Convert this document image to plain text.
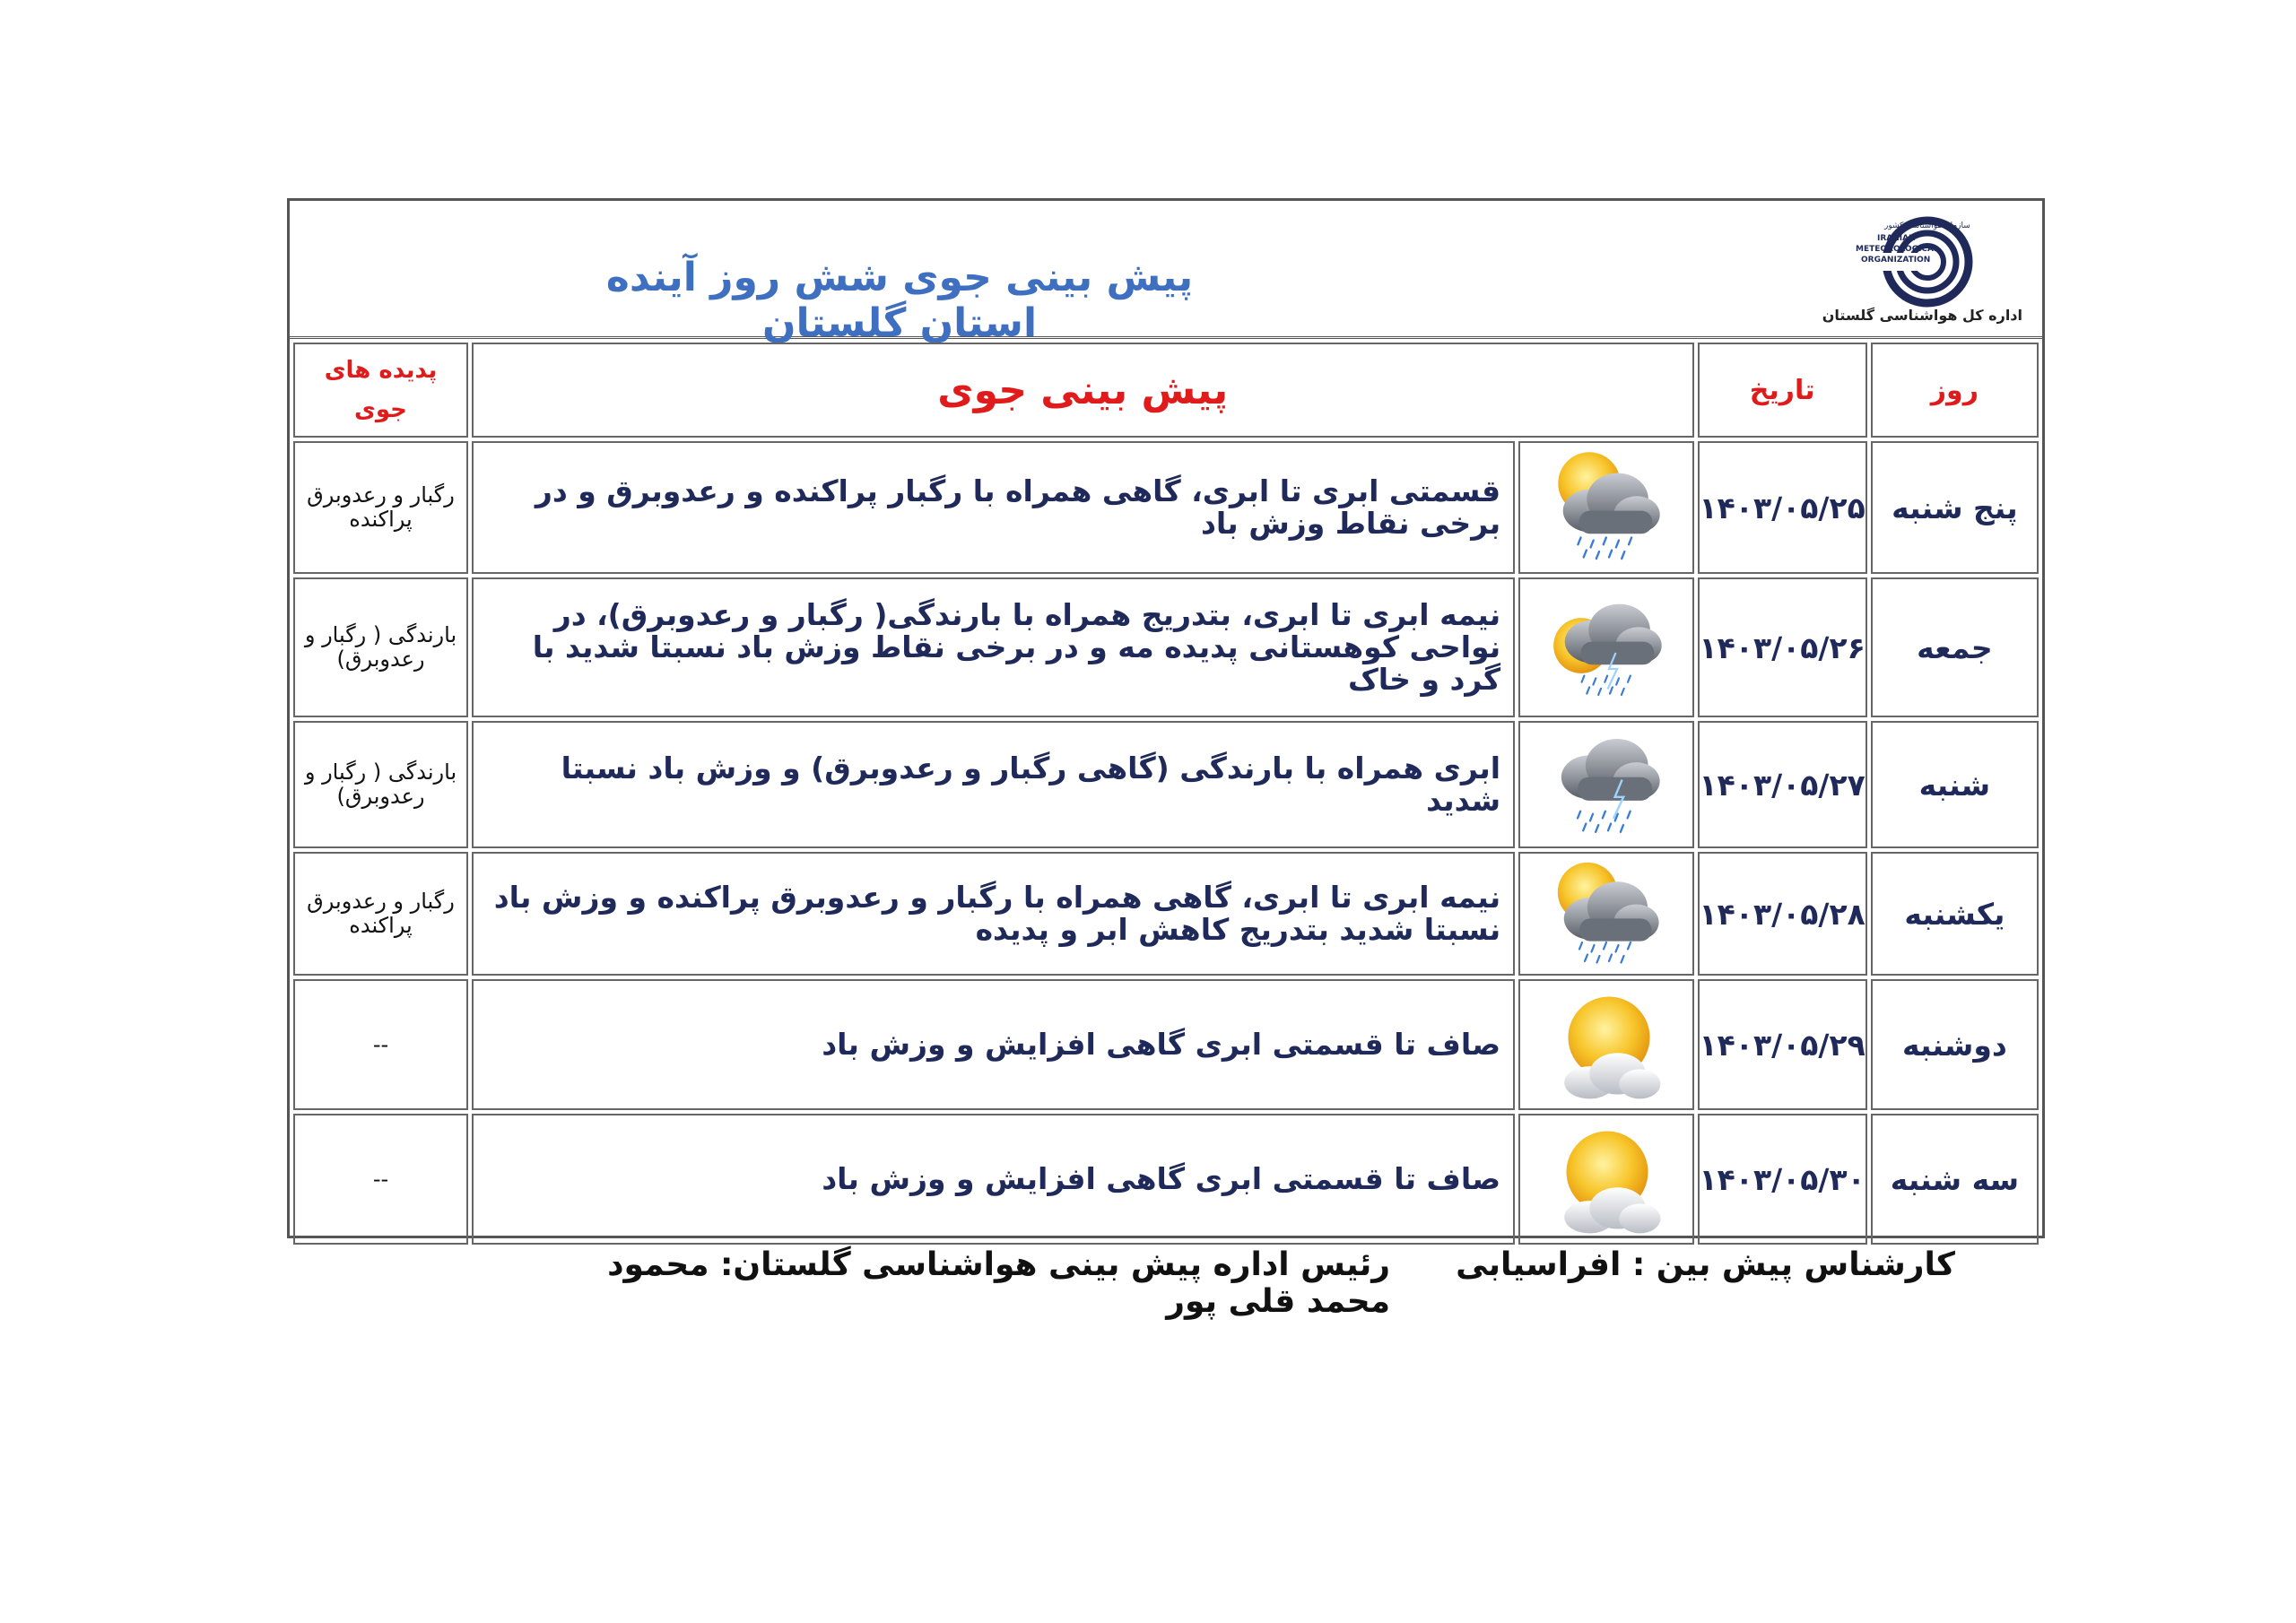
پیش بینی جوی شش روز آینده استان گلستان
سازمان هواشناسی کشور
IRANIAN
METEOROLOGICAL
ORGANIZATION
اداره کل هواشناسی گلستان
روز	تاریخ	پیش بینی جوی		پدیده های
جوی

پنج شنبه	۱۴۰۳/۰۵/۲۵		قسمتی ابری تا ابری، گاهی همراه با رگبار پراکنده و رعدوبرق و در برخی نقاط وزش باد	رگبار و رعدوبرق پراکنده
جمعه	۱۴۰۳/۰۵/۲۶		نیمه ابری تا ابری، بتدریج همراه با بارندگی( رگبار و رعدوبرق)، در نواحی کوهستانی پدیده مه و در برخی نقاط وزش باد نسبتا شدید با گرد و خاک	بارندگی ( رگبار و رعدوبرق)
شنبه	۱۴۰۳/۰۵/۲۷		ابری همراه با بارندگی (گاهی رگبار و رعدوبرق) و وزش باد نسبتا شدید	بارندگی ( رگبار و رعدوبرق)
یکشنبه	۱۴۰۳/۰۵/۲۸		نیمه ابری تا ابری، گاهی همراه با رگبار و رعدوبرق پراکنده و وزش باد نسبتا شدید بتدریج کاهش ابر و پدیده	رگبار و رعدوبرق پراکنده
دوشنبه	۱۴۰۳/۰۵/۲۹		صاف تا قسمتی ابری گاهی افزایش و وزش باد	--
سه شنبه	۱۴۰۳/۰۵/۳۰		صاف تا قسمتی ابری گاهی افزایش و وزش باد	--
کارشناس پیش بین : افراسیابی
رئیس اداره پیش بینی هواشناسی گلستان: محمود محمد قلی پور
